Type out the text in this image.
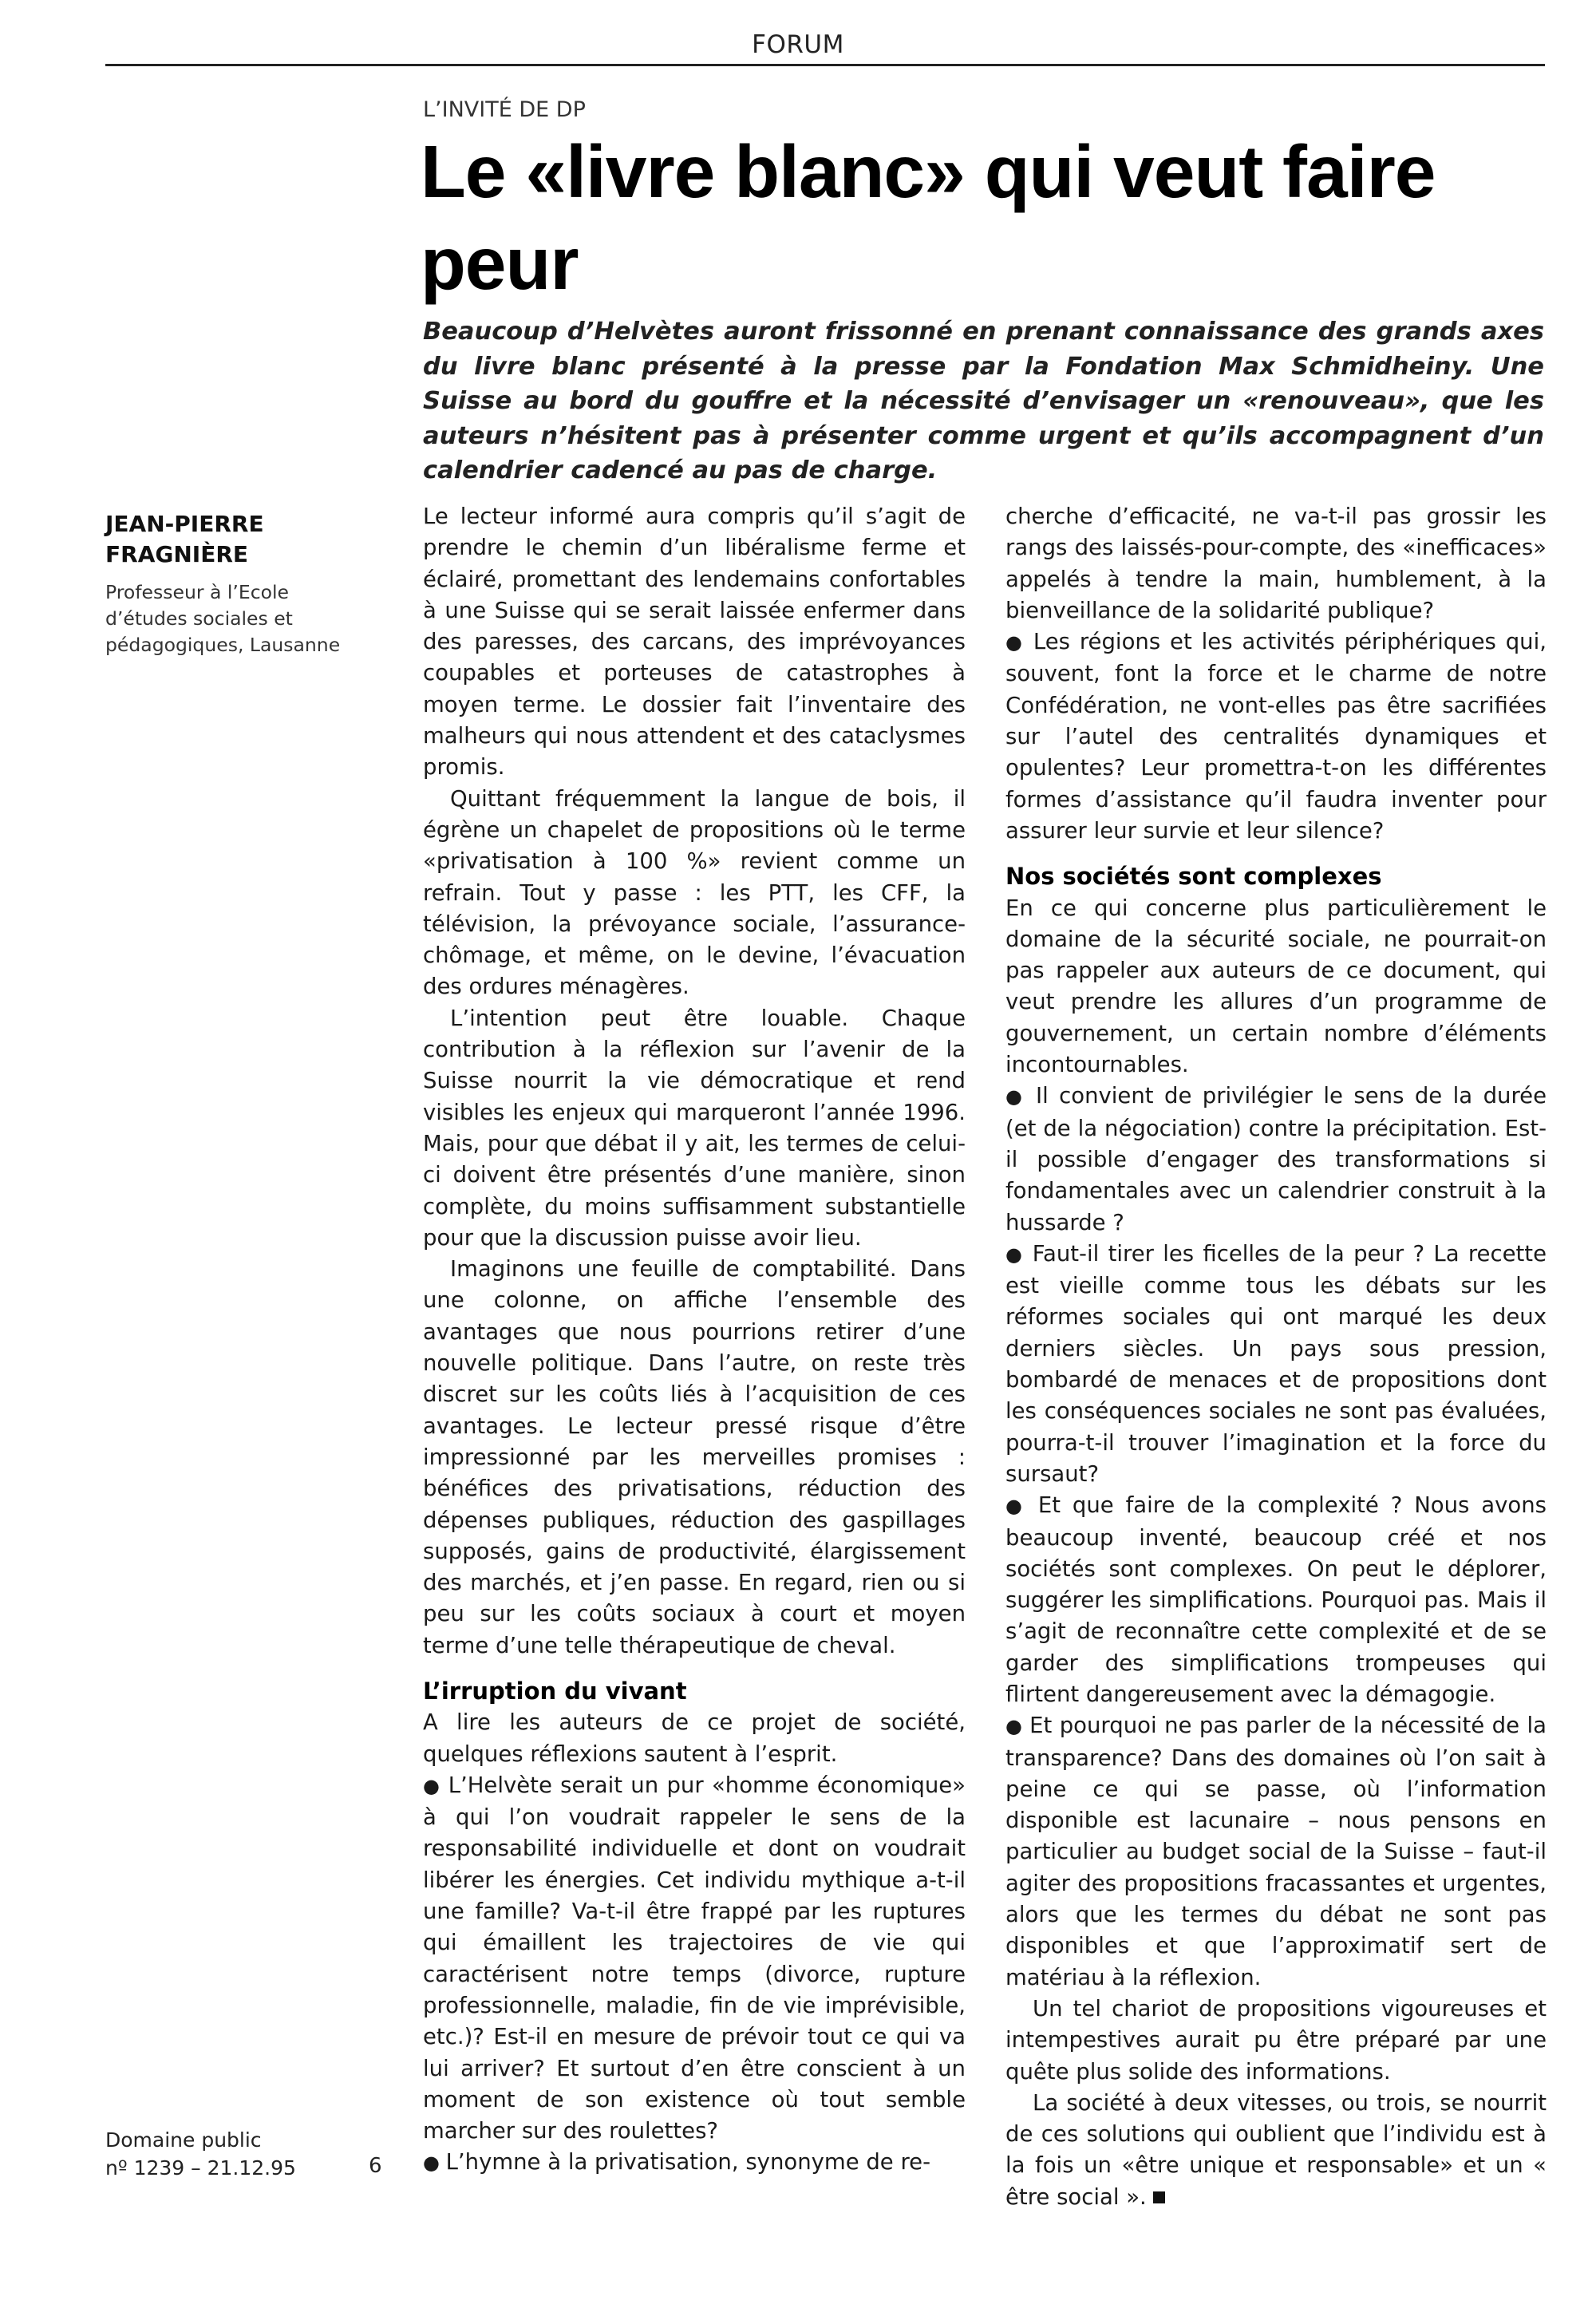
FORUM
L’INVITÉ DE DP
Le «livre blanc» qui veut faire peur

Beaucoup d’Helvètes auront frissonné en prenant connaissance des grands axes du livre blanc présenté à la presse par la Fondation Max Schmidheiny. Une Suisse au bord du gouffre et la nécessité d’envisager un «renouveau», que les auteurs n’hésitent pas à présenter comme urgent et qu’ils accompagnent d’un calendrier cadencé au pas de charge.

JEAN-PIERRE
FRAGNIÈRE
Professeur à l’Ecole d’études sociales et pédagogiques, Lausanne

Le lecteur informé aura compris qu’il s’agit de prendre le chemin d’un libéralisme ferme et éclairé, promettant des lendemains confortables à une Suisse qui se serait laissée enfermer dans des paresses, des carcans, des imprévoyances coupables et porteuses de catastrophes à moyen terme. Le dossier fait l’inventaire des malheurs qui nous attendent et des cataclysmes promis.

Quittant fréquemment la langue de bois, il égrène un chapelet de propositions où le terme «privatisation à 100 %» revient comme un refrain. Tout y passe : les PTT, les CFF, la télévision, la prévoyance sociale, l’assurance-chômage, et même, on le devine, l’évacuation des ordures ménagères.

L’intention peut être louable. Chaque contribution à la réflexion sur l’avenir de la Suisse nourrit la vie démocratique et rend visibles les enjeux qui marqueront l’année 1996. Mais, pour que débat il y ait, les termes de celui-ci doivent être présentés d’une manière, sinon complète, du moins suffisamment substantielle pour que la discussion puisse avoir lieu.

Imaginons une feuille de comptabilité. Dans une colonne, on affiche l’ensemble des avantages que nous pourrions retirer d’une nouvelle politique. Dans l’autre, on reste très discret sur les coûts liés à l’acquisition de ces avantages. Le lecteur pressé risque d’être impressionné par les merveilles promises : bénéfices des privatisations, réduction des dépenses publiques, réduction des gaspillages supposés, gains de productivité, élargissement des marchés, et j’en passe. En regard, rien ou si peu sur les coûts sociaux à court et moyen terme d’une telle thérapeutique de cheval.

L’irruption du vivant

A lire les auteurs de ce projet de société, quelques réflexions sautent à l’esprit.

● L’Helvète serait un pur «homme économique» à qui l’on voudrait rappeler le sens de la responsabilité individuelle et dont on voudrait libérer les énergies. Cet individu mythique a-t-il une famille? Va-t-il être frappé par les ruptures qui émaillent les trajectoires de vie qui caractérisent notre temps (divorce, rupture professionnelle, maladie, fin de vie imprévisible, etc.)? Est-il en mesure de prévoir tout ce qui va lui arriver? Et surtout d’en être conscient à un moment de son existence où tout semble marcher sur des roulettes?

● L’hymne à la privatisation, synonyme de re-

cherche d’efficacité, ne va-t-il pas grossir les rangs des laissés-pour-compte, des «inefficaces» appelés à tendre la main, humblement, à la bienveillance de la solidarité publique?

● Les régions et les activités périphériques qui, souvent, font la force et le charme de notre Confédération, ne vont-elles pas être sacrifiées sur l’autel des centralités dynamiques et opulentes? Leur promettra-t-on les différentes formes d’assistance qu’il faudra inventer pour assurer leur survie et leur silence?

Nos sociétés sont complexes

En ce qui concerne plus particulièrement le domaine de la sécurité sociale, ne pourrait-on pas rappeler aux auteurs de ce document, qui veut prendre les allures d’un programme de gouvernement, un certain nombre d’éléments incontournables.

● Il convient de privilégier le sens de la durée (et de la négociation) contre la précipitation. Est-il possible d’engager des transformations si fondamentales avec un calendrier construit à la hussarde ?

● Faut-il tirer les ficelles de la peur ? La recette est vieille comme tous les débats sur les réformes sociales qui ont marqué les deux derniers siècles. Un pays sous pression, bombardé de menaces et de propositions dont les conséquences sociales ne sont pas évaluées, pourra-t-il trouver l’imagination et la force du sursaut?

● Et que faire de la complexité ? Nous avons beaucoup inventé, beaucoup créé et nos sociétés sont complexes. On peut le déplorer, suggérer les simplifications. Pourquoi pas. Mais il s’agit de reconnaître cette complexité et de se garder des simplifications trompeuses qui flirtent dangereusement avec la démagogie.

● Et pourquoi ne pas parler de la nécessité de la transparence? Dans des domaines où l’on sait à peine ce qui se passe, où l’information disponible est lacunaire – nous pensons en particulier au budget social de la Suisse – faut-il agiter des propositions fracassantes et urgentes, alors que les termes du débat ne sont pas disponibles et que l’approximatif sert de matériau à la réflexion.

Un tel chariot de propositions vigoureuses et intempestives aurait pu être préparé par une quête plus solide des informations.

La société à deux vitesses, ou trois, se nourrit de ces solutions qui oublient que l’individu est à la fois un «être unique et responsable» et un « être social ».

Domaine public
nº 1239 – 21.12.95	6
